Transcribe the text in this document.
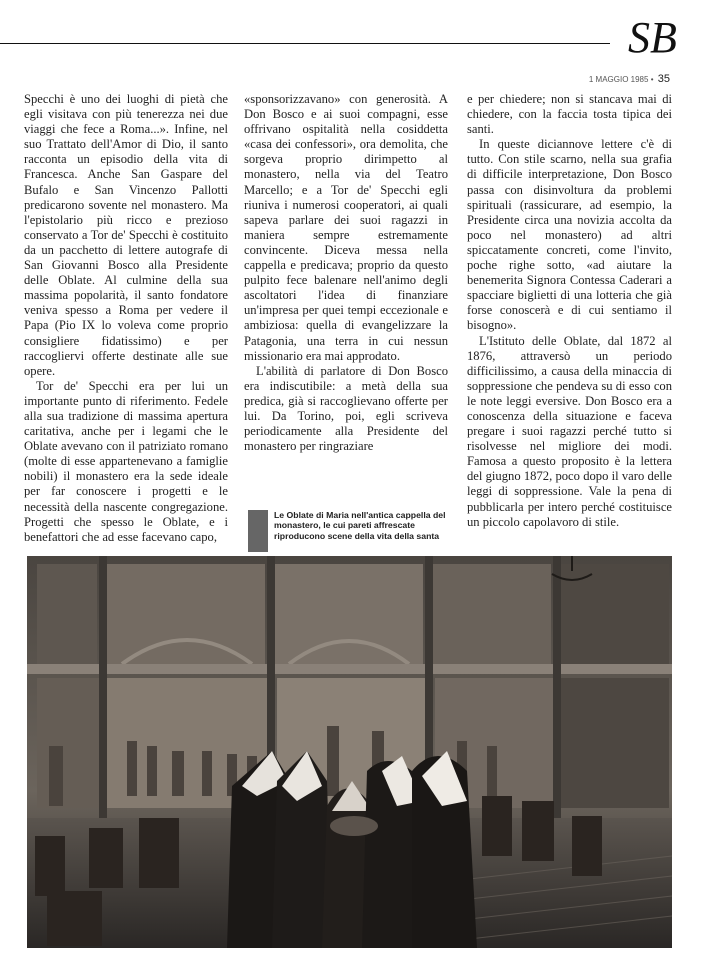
SB
1 MAGGIO 1985 • 35

Specchi è uno dei luoghi di pietà che egli visitava con più tenerezza nei due viaggi che fece a Roma...». Infine, nel suo Trattato dell'Amor di Dio, il santo racconta un episodio della vita di Francesca. Anche San Gaspare del Bufalo e San Vincenzo Pallotti predicarono sovente nel monastero. Ma l'epistolario più ricco e prezioso conservato a Tor de' Specchi è costituito da un pacchetto di lettere autografe di San Giovanni Bosco alla Presidente delle Oblate. Al culmine della sua massima popolarità, il santo fondatore veniva spesso a Roma per vedere il Papa (Pio IX lo voleva come proprio consigliere fidatissimo) e per raccogliervi offerte destinate alle sue opere.

Tor de' Specchi era per lui un importante punto di riferimento. Fedele alla sua tradizione di massima apertura caritativa, anche per i legami che le Oblate avevano con il patriziato romano (molte di esse appartenevano a famiglie nobili) il monastero era la sede ideale per far conoscere i progetti e le necessità della nascente congregazione. Progetti che spesso le Oblate, e i benefattori che ad esse facevano capo,

«sponsorizzavano» con generosità. A Don Bosco e ai suoi compagni, esse offrivano ospitalità nella cosiddetta «casa dei confessori», ora demolita, che sorgeva proprio dirimpetto al monastero, nella via del Teatro Marcello; e a Tor de' Specchi egli riuniva i numerosi cooperatori, ai quali sapeva parlare dei suoi ragazzi in maniera sempre estremamente convincente. Diceva messa nella cappella e predicava; proprio da questo pulpito fece balenare nell'animo degli ascoltatori l'idea di finanziare un'impresa per quei tempi eccezionale e ambiziosa: quella di evangelizzare la Patagonia, una terra in cui nessun missionario era mai approdato.

L'abilità di parlatore di Don Bosco era indiscutibile: a metà della sua predica, già si raccoglievano offerte per lui. Da Torino, poi, egli scriveva periodicamente alla Presidente del monastero per ringraziare

e per chiedere; non si stancava mai di chiedere, con la faccia tosta tipica dei santi.

In queste diciannove lettere c'è di tutto. Con stile scarno, nella sua grafia di difficile interpretazione, Don Bosco passa con disinvoltura da problemi spirituali (rassicurare, ad esempio, la Presidente circa una novizia accolta da poco nel monastero) ad altri spiccatamente concreti, come l'invito, poche righe sotto, «ad aiutare la benemerita Signora Contessa Caderari a spacciare biglietti di una lotteria che già forse conoscerà e di cui sentiamo il bisogno».

L'Istituto delle Oblate, dal 1872 al 1876, attraversò un periodo difficilissimo, a causa della minaccia di soppressione che pendeva su di esso con le note leggi eversive. Don Bosco era a conoscenza della situazione e faceva pregare i suoi ragazzi perché tutto si risolvesse nel migliore dei modi. Famosa a questo proposito è la lettera del giugno 1872, poco dopo il varo delle leggi di soppressione. Vale la pena di pubblicarla per intero perché costituisce un piccolo capolavoro di stile.

Le Oblate di Maria nell'antica cappella del monastero, le cui pareti affrescate riproducono scene della vita della santa
